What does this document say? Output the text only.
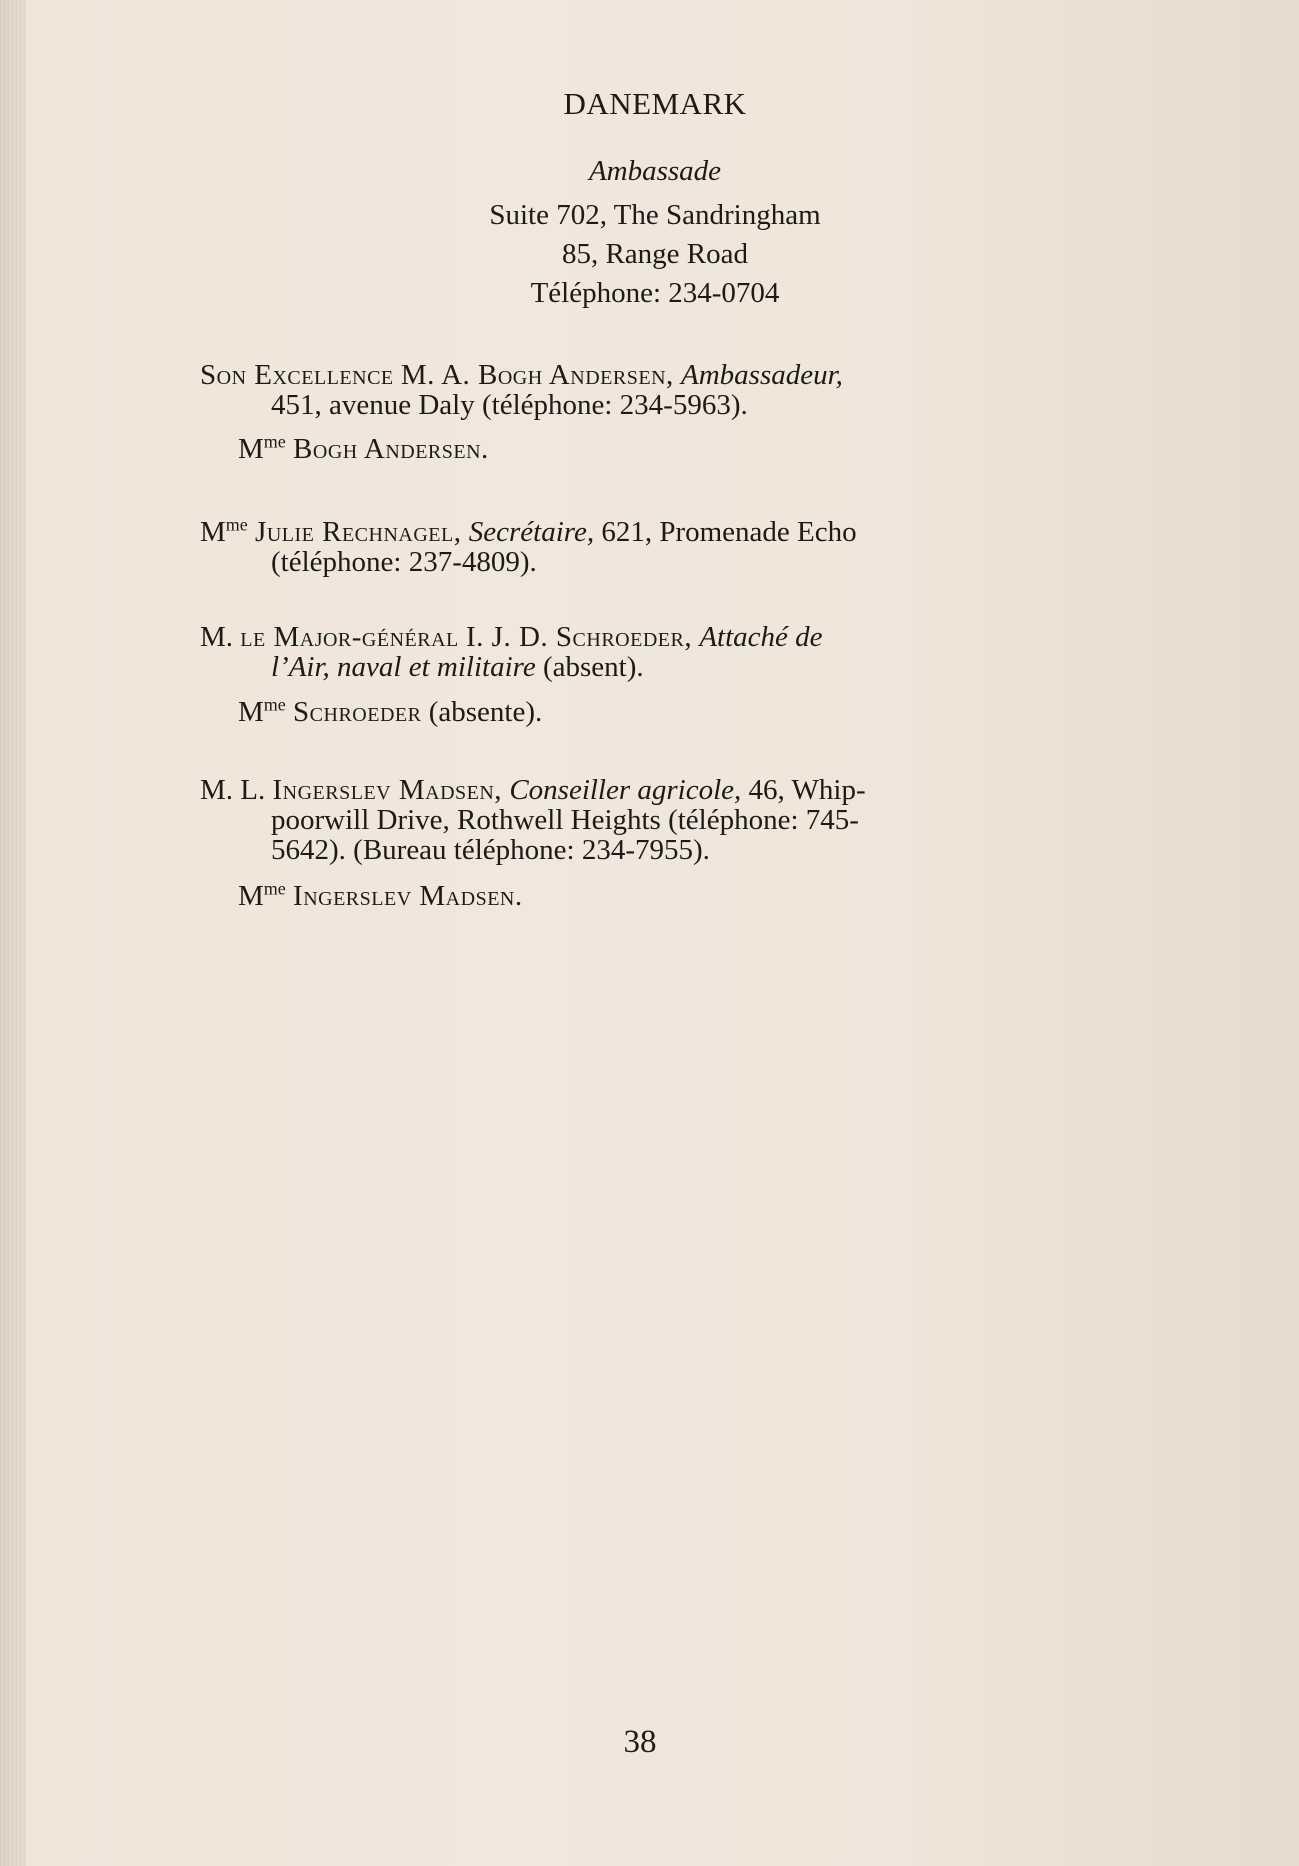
DANEMARK
Ambassade
Suite 702, The Sandringham
85, Range Road
Téléphone: 234-0704
Son Excellence M. A. Bogh Andersen, Ambassadeur,
451, avenue Daly (téléphone: 234-5963).
$M^{me}$ Bogh Andersen.
$M^{me}$ Julie Rechnagel, Secrétaire, 621, Promenade Echo
(téléphone: 237-4809).
M. le Major-général I. J. D. Schroeder, Attaché de
l’Air, naval et militaire (absent).
$M^{me}$ Schroeder (absente).
M. L. Ingerslev Madsen, Conseiller agricole, 46, Whip-
poorwill Drive, Rothwell Heights (téléphone: 745-
5642). (Bureau téléphone: 234-7955).
$M^{me}$ Ingerslev Madsen.
38
